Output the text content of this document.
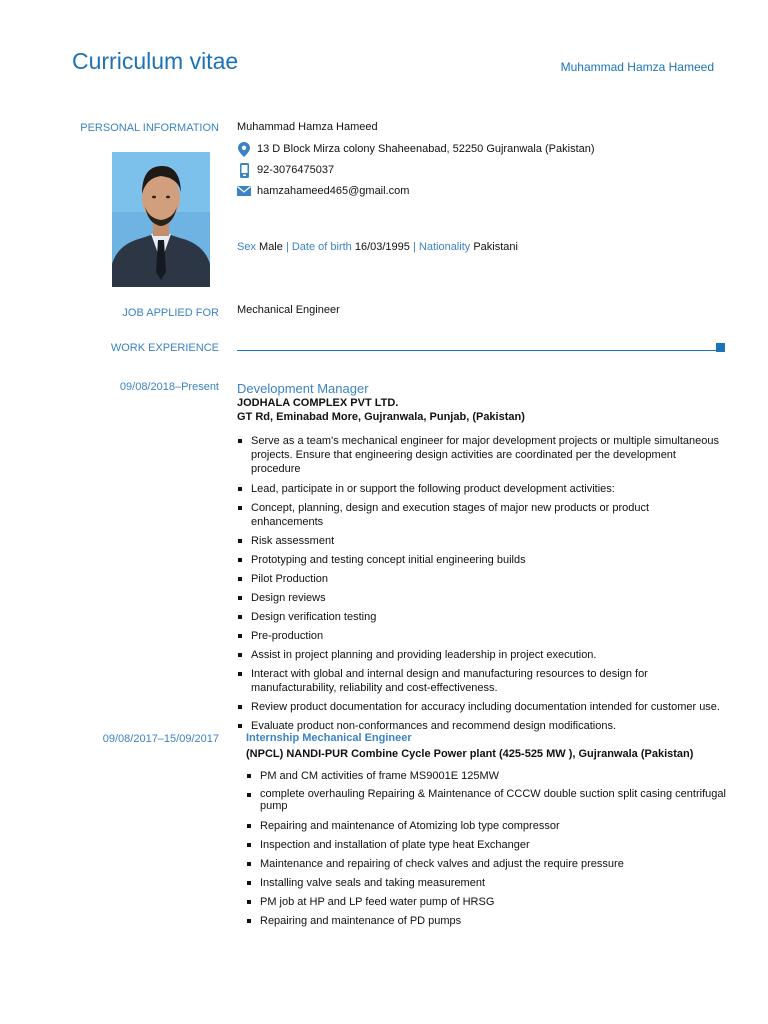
Curriculum vitae	Muhammad Hamza Hameed
PERSONAL INFORMATION Muhammad Hamza Hameed
13 D Block Mirza colony Shaheenabad, 52250 Gujranwala (Pakistan)
92-3076475037
hamzahameed465@gmail.com
Sex Male | Date of birth 16/03/1995 | Nationality Pakistani
JOB APPLIED FOR Mechanical Engineer
WORK EXPERIENCE
09/08/2018–Present Development Manager
JODHALA COMPLEX PVT LTD.
GT Rd, Eminabad More, Gujranwala, Punjab, (Pakistan)
Serve as a team's mechanical engineer for major development projects or multiple simultaneous projects. Ensure that engineering design activities are coordinated per the development procedure
Lead, participate in or support the following product development activities:
Concept, planning, design and execution stages of major new products or product enhancements
Risk assessment
Prototyping and testing concept initial engineering builds
Pilot Production
Design reviews
Design verification testing
Pre-production
Assist in project planning and providing leadership in project execution.
Interact with global and internal design and manufacturing resources to design for manufacturability, reliability and cost-effectiveness.
Review product documentation for accuracy including documentation intended for customer use.
Evaluate product non-conformances and recommend design modifications.
09/08/2017–15/09/2017 Internship Mechanical Engineer
(NPCL) NANDI-PUR Combine Cycle Power plant (425-525 MW ), Gujranwala (Pakistan)
PM and CM activities of frame MS9001E 125MW
complete overhauling Repairing & Maintenance of CCCW double suction split casing centrifugal pump
Repairing and maintenance of Atomizing lob type compressor
Inspection and installation of plate type heat Exchanger
Maintenance and repairing of check valves and adjust the require pressure
Installing valve seals and taking measurement
PM job at HP and LP feed water pump of HRSG
Repairing and maintenance of PD pumps
